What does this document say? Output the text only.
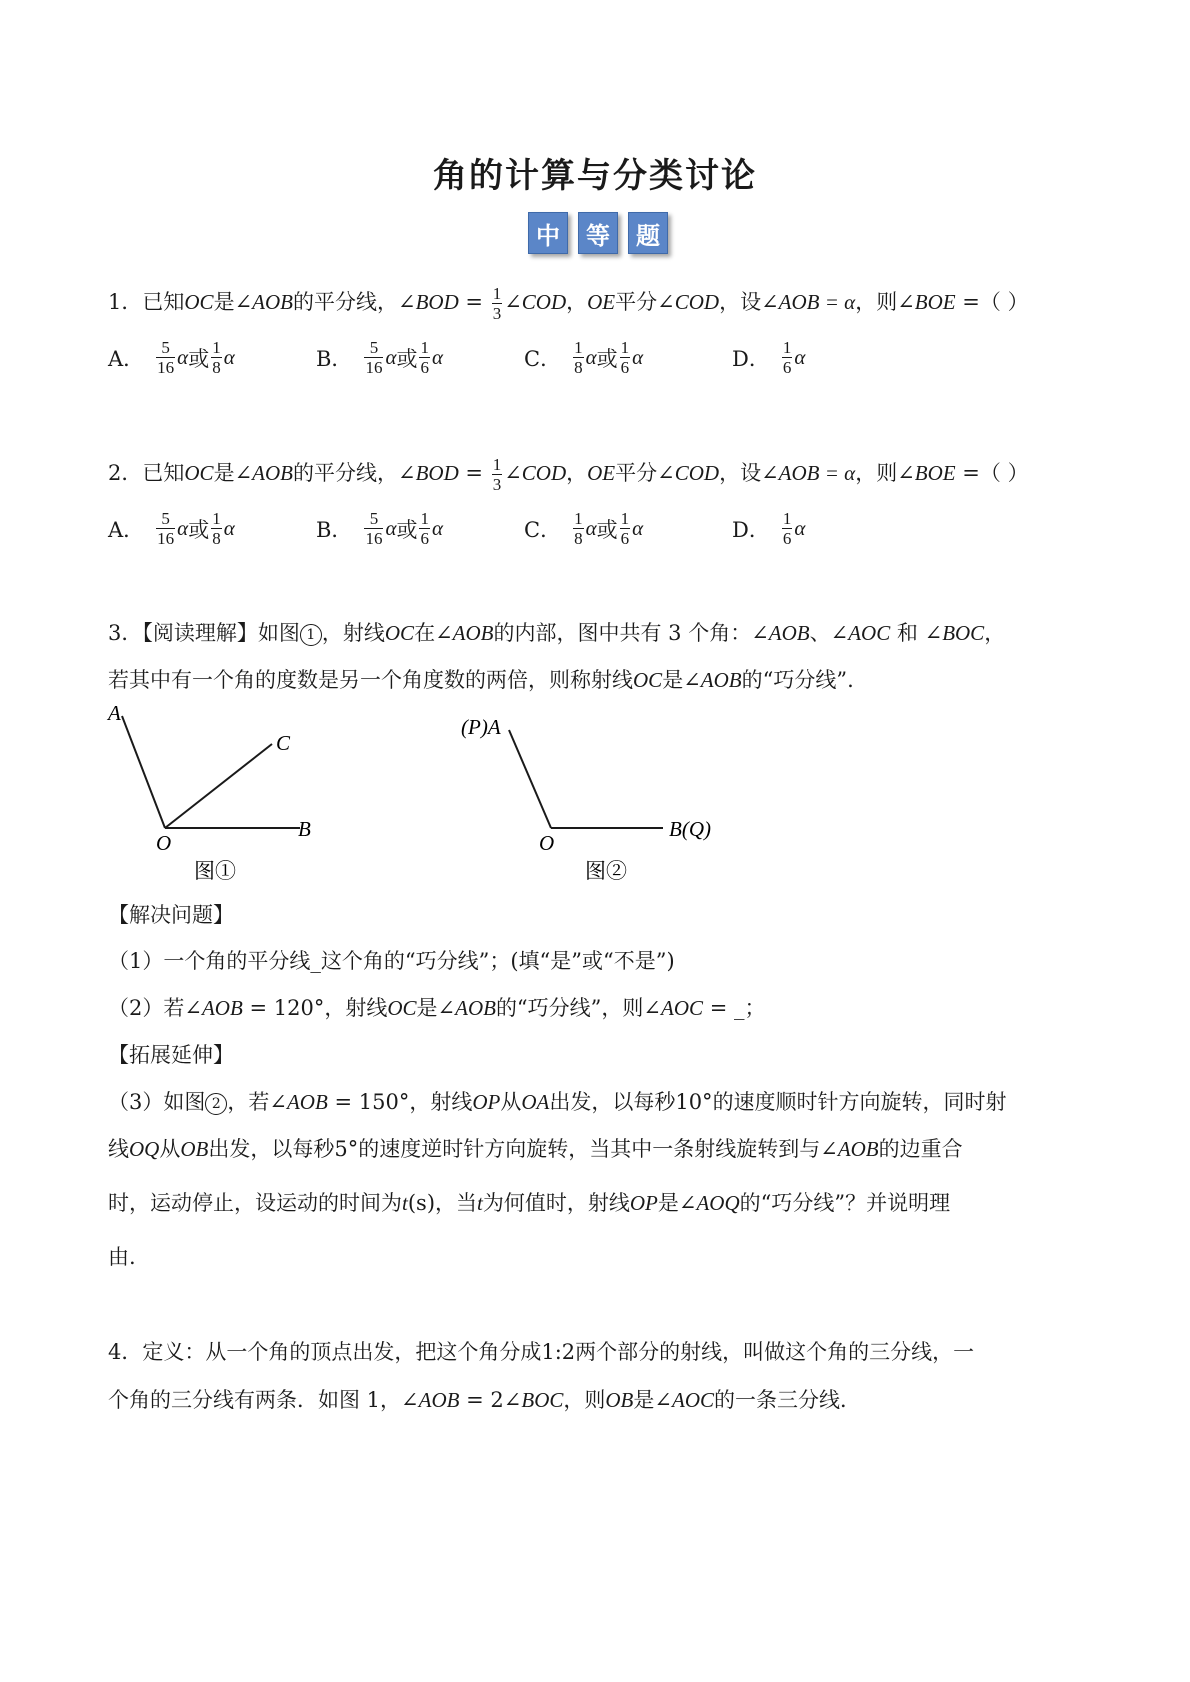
角的计算与分类讨论
中	等	题
1．已知OC是∠AOB的平分线，∠BOD = $\frac{1}{3}$ ∠COD，OE平分∠COD，设∠AOB = α，则∠BOE =（ ）
A． $\frac{5}{16}$ α 或 $\frac{1}{8}$ α	B． $\frac{5}{16}$ α 或 $\frac{1}{6}$ α	C． $\frac{1}{8}$ α 或 $\frac{1}{6}$ α	D． $\frac{1}{6}$ α
2．已知OC是∠AOB的平分线，∠BOD = $\frac{1}{3}$ ∠COD，OE平分∠COD，设∠AOB = α，则∠BOE =（ ）
A． $\frac{5}{16}$ α 或 $\frac{1}{8}$ α	B． $\frac{5}{16}$ α 或 $\frac{1}{6}$ α	C． $\frac{1}{8}$ α 或 $\frac{1}{6}$ α	D． $\frac{1}{6}$ α
3．【阅读理解】如图 1 ，射线OC在∠AOB的内部，图中共有 3 个角：∠AOB、∠AOC 和 ∠BOC，
若其中有一个角的度数是另一个角度数的两倍，则称射线OC是∠AOB的“巧分线”.
A
C
O
B
图①
(P)A
O
B(Q)
图②
【解决问题】
（1）一个角的平分线_这个角的“巧分线”；(填“是”或“不是”)
（2）若∠AOB = 120°，射线OC是∠AOB的“巧分线”，则∠AOC = _；
【拓展延伸】
（3）如图 2 ，若∠AOB = 150°，射线OP从OA出发，以每秒10°的速度顺时针方向旋转，同时射
线OQ从OB出发，以每秒5°的速度逆时针方向旋转，当其中一条射线旋转到与∠AOB的边重合
时，运动停止，设运动的时间为t(s)，当t为何值时，射线OP是∠AOQ的“巧分线”？并说明理
由.
4．定义：从一个角的顶点出发，把这个角分成1:2两个部分的射线，叫做这个角的三分线，一
个角的三分线有两条．如图 1，∠AOB = 2∠BOC，则OB是∠AOC的一条三分线．
